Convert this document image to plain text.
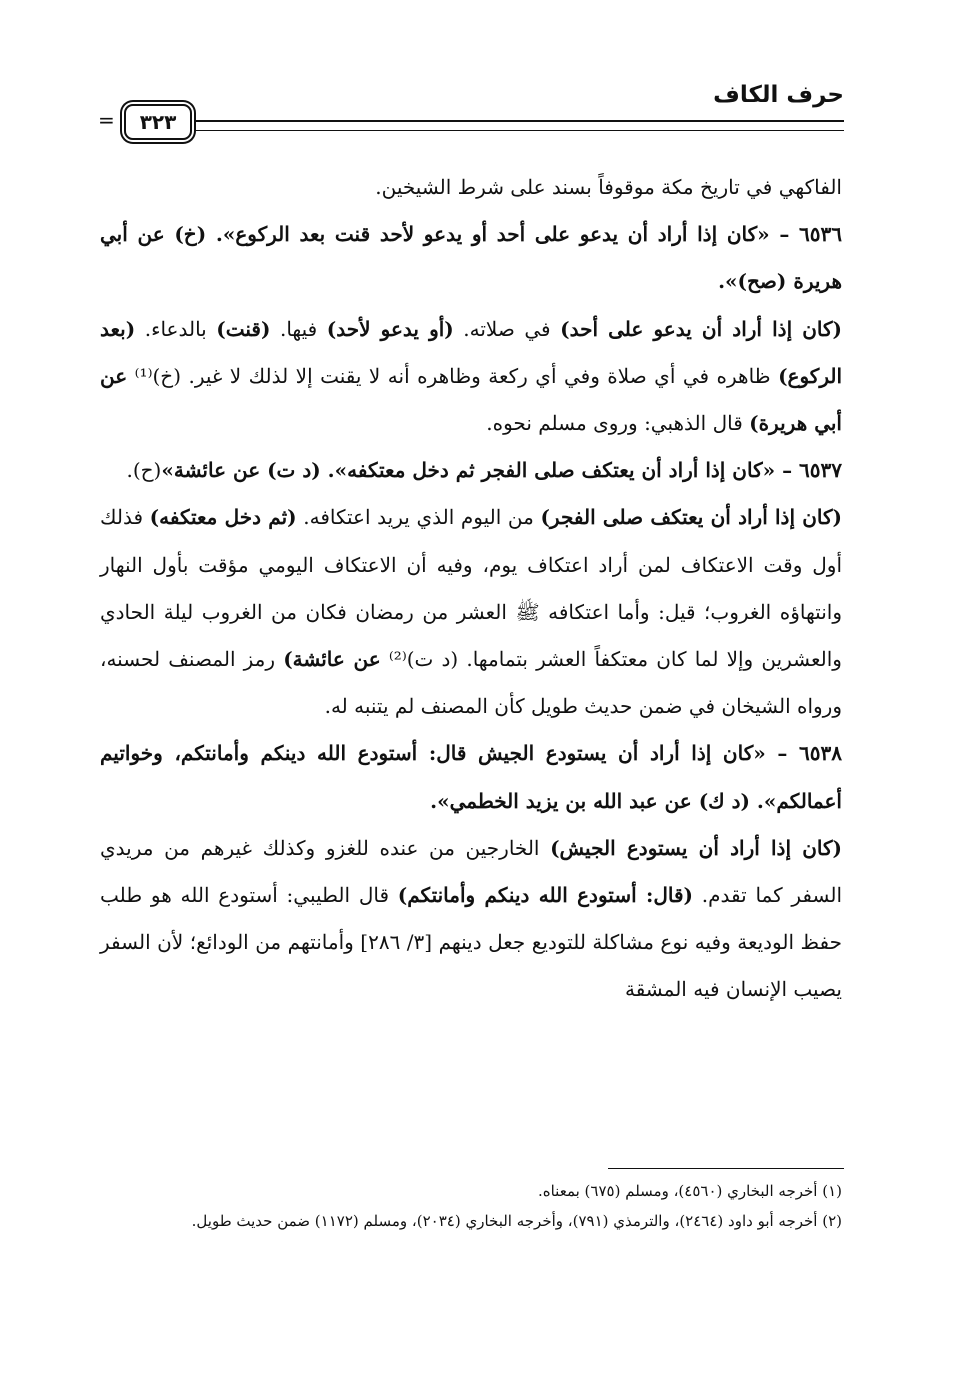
حرف الكاف
٣٢٣
=

الفاكهي في تاريخ مكة موقوفاً بسند على شرط الشيخين.

٦٥٣٦ – «كان إذا أراد أن يدعو على أحد أو يدعو لأحد قنت بعد الركوع». (خ) عن أبي هريرة (صح)».

(كان إذا أراد أن يدعو على أحد) في صلاته. (أو يدعو لأحد) فيها. (قنت) بالدعاء. (بعد الركوع) ظاهره في أي صلاة وفي أي ركعة وظاهره أنه لا يقنت إلا لذلك لا غير. (خ)⁽¹⁾ عن أبي هريرة) قال الذهبي: وروى مسلم نحوه.

٦٥٣٧ – «كان إذا أراد أن يعتكف صلى الفجر ثم دخل معتكفه». (د ت) عن عائشة»(ح).

(كان إذا أراد أن يعتكف صلى الفجر) من اليوم الذي يريد اعتكافه. (ثم دخل معتكفه) فذلك أول وقت الاعتكاف لمن أراد اعتكاف يوم، وفيه أن الاعتكاف اليومي مؤقت بأول النهار وانتهاؤه الغروب؛ قيل: وأما اعتكافه ﷺ العشر من رمضان فكان من الغروب ليلة الحادي والعشرين وإلا لما كان معتكفاً العشر بتمامها. (د ت)⁽²⁾ عن عائشة) رمز المصنف لحسنه، ورواه الشيخان في ضمن حديث طويل كأن المصنف لم يتنبه له.

٦٥٣٨ – «كان إذا أراد أن يستودع الجيش قال: أستودع الله دينكم وأمانتكم، وخواتيم أعمالكم». (د ك) عن عبد الله بن يزيد الخطمي».

(كان إذا أراد أن يستودع الجيش) الخارجين من عنده للغزو وكذلك غيرهم من مريدي السفر كما تقدم. (قال: أستودع الله دينكم وأمانتكم) قال الطيبي: أستودع الله هو طلب حفظ الوديعة وفيه نوع مشاكلة للتوديع جعل دينهم [٣/ ٢٨٦] وأمانتهم من الودائع؛ لأن السفر يصيب الإنسان فيه المشقة

(١) أخرجه البخاري (٤٥٦٠)، ومسلم (٦٧٥) بمعناه.

(٢) أخرجه أبو داود (٢٤٦٤)، والترمذي (٧٩١)، وأخرجه البخاري (٢٠٣٤)، ومسلم (١١٧٢) ضمن حديث طويل.
